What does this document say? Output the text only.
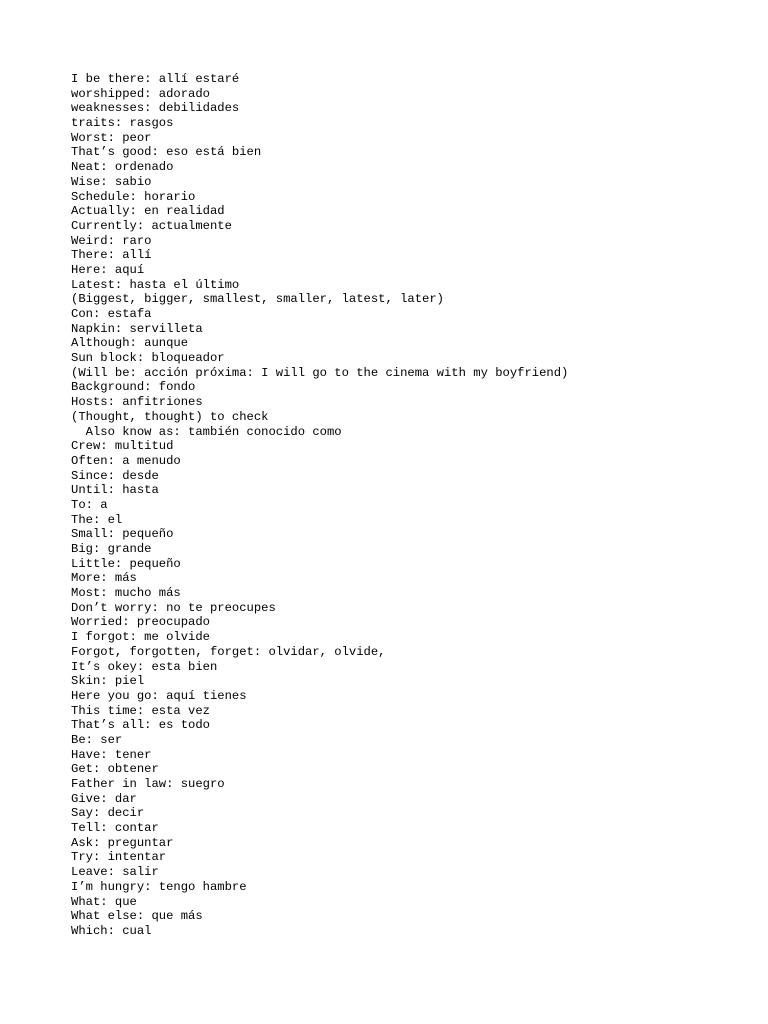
I be there: allí estaré
worshipped: adorado
weaknesses: debilidades
traits: rasgos
Worst: peor
That’s good: eso está bien
Neat: ordenado
Wise: sabio
Schedule: horario
Actually: en realidad
Currently: actualmente
Weird: raro
There: allí
Here: aquí
Latest: hasta el último
(Biggest, bigger, smallest, smaller, latest, later)
Con: estafa
Napkin: servilleta
Although: aunque
Sun block: bloqueador
(Will be: acción próxima: I will go to the cinema with my boyfriend)
Background: fondo
Hosts: anfitriones
(Thought, thought) to check
Also know as: también conocido como
Crew: multitud
Often: a menudo
Since: desde
Until: hasta
To: a
The: el
Small: pequeño
Big: grande
Little: pequeño
More: más
Most: mucho más
Don’t worry: no te preocupes
Worried: preocupado
I forgot: me olvide
Forgot, forgotten, forget: olvidar, olvide,
It’s okey: esta bien
Skin: piel
Here you go: aquí tienes
This time: esta vez
That’s all: es todo
Be: ser
Have: tener
Get: obtener
Father in law: suegro
Give: dar
Say: decir
Tell: contar
Ask: preguntar
Try: intentar
Leave: salir
I’m hungry: tengo hambre
What: que
What else: que más
Which: cual
